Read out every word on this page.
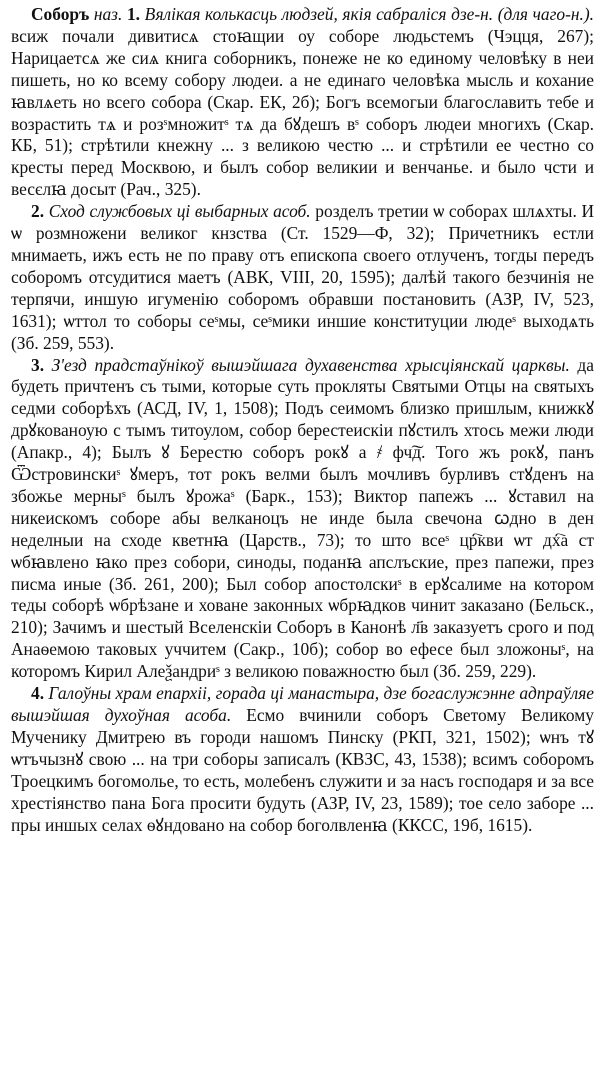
Соборъ наз. 1. Вялікая колькасць людзей, якія сабраліся дзе-н. (для чаго-н.). всиж почали дивитисѧ стоꙗщии оу соборе людьстемъ (Чэцця, 267); Нарицаетсѧ же сиѧ книга соборникъ, понеже не ко единому человѣку в неи пишеть, но ко всему собору людеи. а не единаго человѣка мысль и кохание ꙗвлѧеть но всего собора (Скар. ЕК, 2б); Богъ всемогыи благославить тебе и возрастить тѧ и розˢмножитˢ тѧ да бꙋдешъ вˢ соборъ людеи многихъ (Скар. КБ, 51); стрѣтили кнежну ... з великою честю ... и стрѣтили ее честно со кресты перед Москвою, и былъ собор великии и венчанье. и было чсти и весєлꙗ досыт (Рач., 325).

2. Сход службовых ці выбарных асоб. розделъ третии ѡ соборах шлѧхты. И ѡ розмножени великог кнзства (Ст. 1529—Ф, 32); Причетникъ естли мнимаеть, ижъ есть не по праву отъ епископа своего отлученъ, тогды передъ соборомъ отсудитися маетъ (АВК, VIII, 20, 1595); далѣй такого безчинія не терпячи, иншую игуменію соборомъ обравши постановить (АЗР, IV, 523, 1631); ѡттол то соборы сеˢмы, сеˢмики иншие конституции людеˢ выходѧть (Зб. 259, 553).

3. З'езд прадстаўнікоў вышэйшага духавенства хрысціянскай царквы. да будеть причтенъ съ тыми, которые суть прокляты Святыми Отцы на святыхъ седми соборѣхъ (АСД, IV, 1, 1508); Подъ сеимомъ близко пришлым, книжкꙋ дрꙋкованоую с тымъ титоулом, собор берестеискіи пꙋстилъ хтось межи люди (Апакр., 4); Былъ ꙋ Берестю соборъ рокꙋ а ҂ фч͠д. Того жъ рокꙋ, панъ Ѿстровинскиˢ ꙋмеръ, тот рокъ велми былъ мочливъ бурливъ стꙋденъ на збожье мерныˢ былъ ꙋрожаˢ (Барк., 153); Виктор папежъ ... ꙋставил на никеискомъ соборе абы велканоцъ не инде была свечона ꙍдно в ден неделныи на сходе кветнꙗ (Царств., 73); то што всеˢ цр҇кви ѡт дх҇а ст ѡбꙗвлено ꙗко през собори, синоды, поданꙗ апслъские, през папежи, през писма иные (Зб. 261, 200); Был собор апостолскиˢ в ерꙋсалиме на котором теды соборѣ ѡбрѣзане и ховане законных ѡбрꙗдков чинит заказано (Бельск., 210); Зачимъ и шестый Вселенскіи Соборъ в Канонѣ л҃в заказуетъ срого и под Анаѳемою таковых уччитем (Сакр., 10б); собор во ефесе был зложоныˢ, на которомъ Кирил Алеѯандриˢ з великою поважностю был (Зб. 259, 229).

4. Галоўны храм епархіі, горада ці манастыра, дзе богаслужэнне адпраўляе вышэйшая духоўная асоба. Есмо вчинили соборъ Светому Великому Мученику Дмитрею въ городи нашомъ Пинску (РКП, 321, 1502); ѡнъ тꙋ ѡтъчызнꙋ свою ... на три соборы записалъ (КВЗС, 43, 1538); всимъ соборомъ Троецкимъ богомолье, то есть, молебенъ служити и за насъ господаря и за все хрестіянство пана Бога просити будуть (АЗР, IV, 23, 1589); тое село заборе ... пры иншых селах ѳꙋндовано на собор боголвленꙗ (ККСС, 19б, 1615).
